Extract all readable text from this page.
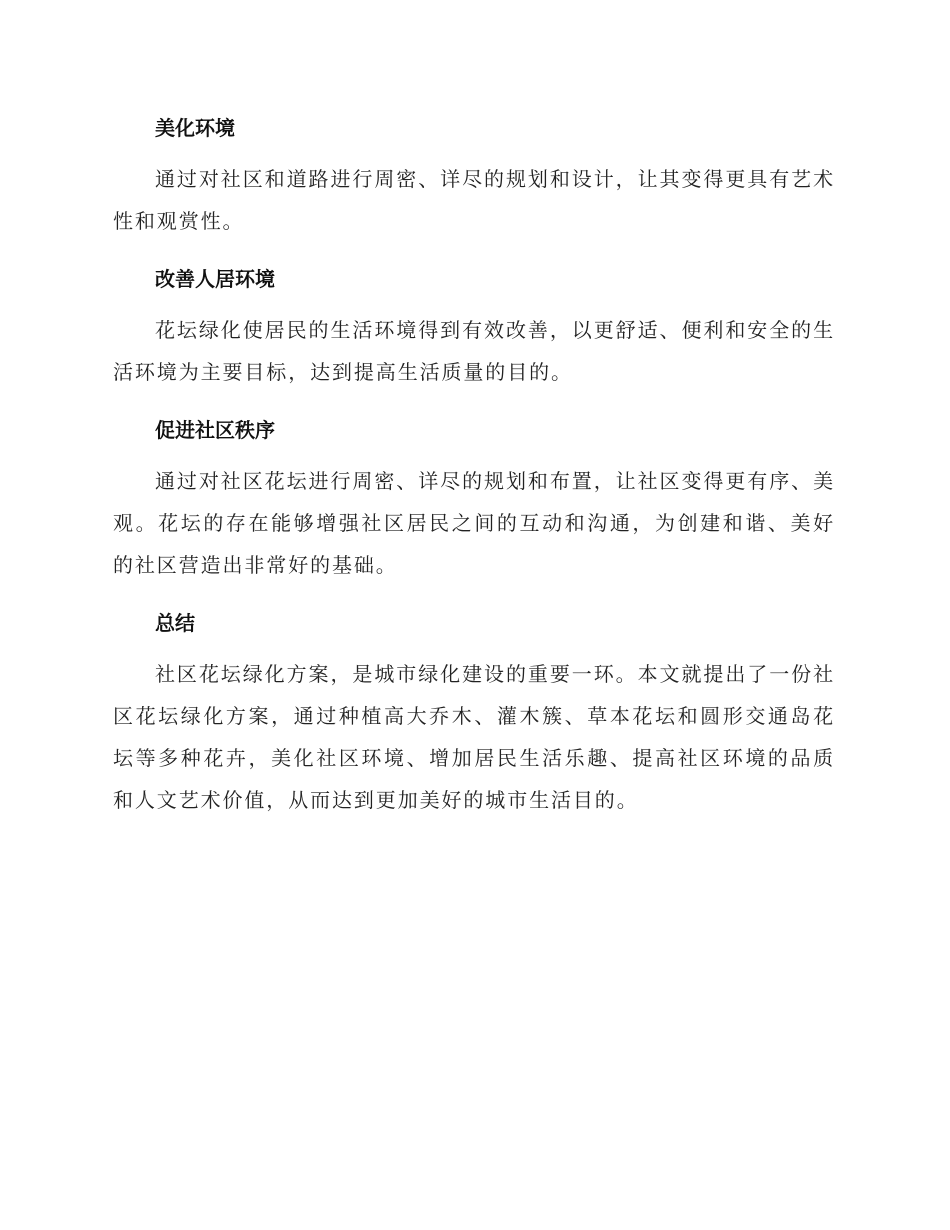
美化环境

通过对社区和道路进行周密、详尽的规划和设计，让其变得更具有艺术性和观赏性。

改善人居环境

花坛绿化使居民的生活环境得到有效改善，以更舒适、便利和安全的生活环境为主要目标，达到提高生活质量的目的。

促进社区秩序

通过对社区花坛进行周密、详尽的规划和布置，让社区变得更有序、美观。花坛的存在能够增强社区居民之间的互动和沟通，为创建和谐、美好的社区营造出非常好的基础。

总结

社区花坛绿化方案，是城市绿化建设的重要一环。本文就提出了一份社区花坛绿化方案，通过种植高大乔木、灌木簇、草本花坛和圆形交通岛花坛等多种花卉，美化社区环境、增加居民生活乐趣、提高社区环境的品质和人文艺术价值，从而达到更加美好的城市生活目的。
